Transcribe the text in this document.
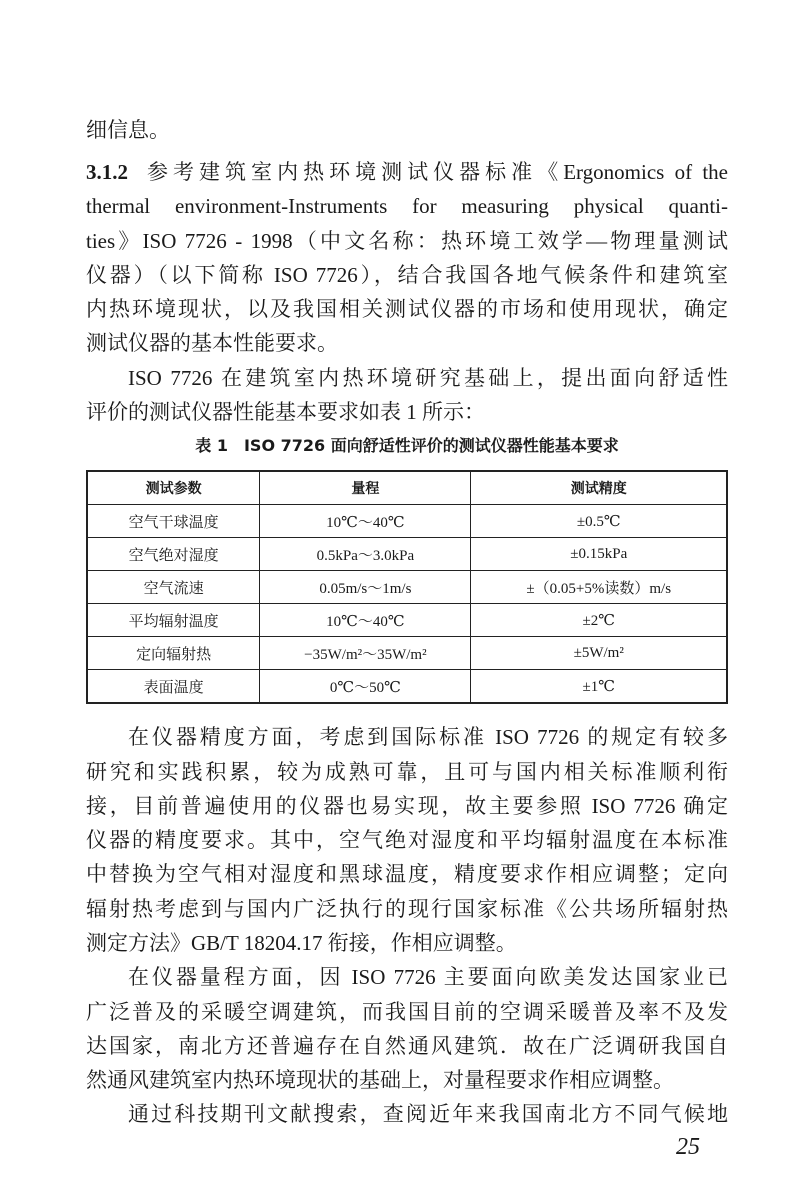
细信息。
3.1.2 参考建筑室内热环境测试仪器标准《Ergonomics of the
thermal environment-Instruments for measuring physical quanti-
ties》ISO 7726 - 1998（中文名称：热环境工效学—物理量测试
仪器）（以下简称 ISO 7726），结合我国各地气候条件和建筑室
内热环境现状，以及我国相关测试仪器的市场和使用现状，确定
测试仪器的基本性能要求。
ISO 7726 在建筑室内热环境研究基础上，提出面向舒适性
评价的测试仪器性能基本要求如表 1 所示：
表 1　ISO 7726 面向舒适性评价的测试仪器性能基本要求
测试参数	量程	测试精度
空气干球温度	10℃～40℃	±0.5℃
空气绝对湿度	0.5kPa～3.0kPa	±0.15kPa
空气流速	0.05m/s～1m/s	±（0.05+5%读数）m/s
平均辐射温度	10℃～40℃	±2℃
定向辐射热	−35W/m²～35W/m²	±5W/m²
表面温度	0℃～50℃	±1℃
在仪器精度方面，考虑到国际标准 ISO 7726 的规定有较多
研究和实践积累，较为成熟可靠，且可与国内相关标准顺利衔
接，目前普遍使用的仪器也易实现，故主要参照 ISO 7726 确定
仪器的精度要求。其中，空气绝对湿度和平均辐射温度在本标准
中替换为空气相对湿度和黑球温度，精度要求作相应调整；定向
辐射热考虑到与国内广泛执行的现行国家标准《公共场所辐射热
测定方法》GB/T 18204.17 衔接，作相应调整。
在仪器量程方面，因 ISO 7726 主要面向欧美发达国家业已
广泛普及的采暖空调建筑，而我国目前的空调采暖普及率不及发
达国家，南北方还普遍存在自然通风建筑．故在广泛调研我国自
然通风建筑室内热环境现状的基础上，对量程要求作相应调整。
通过科技期刊文献搜索，查阅近年来我国南北方不同气候地
25
